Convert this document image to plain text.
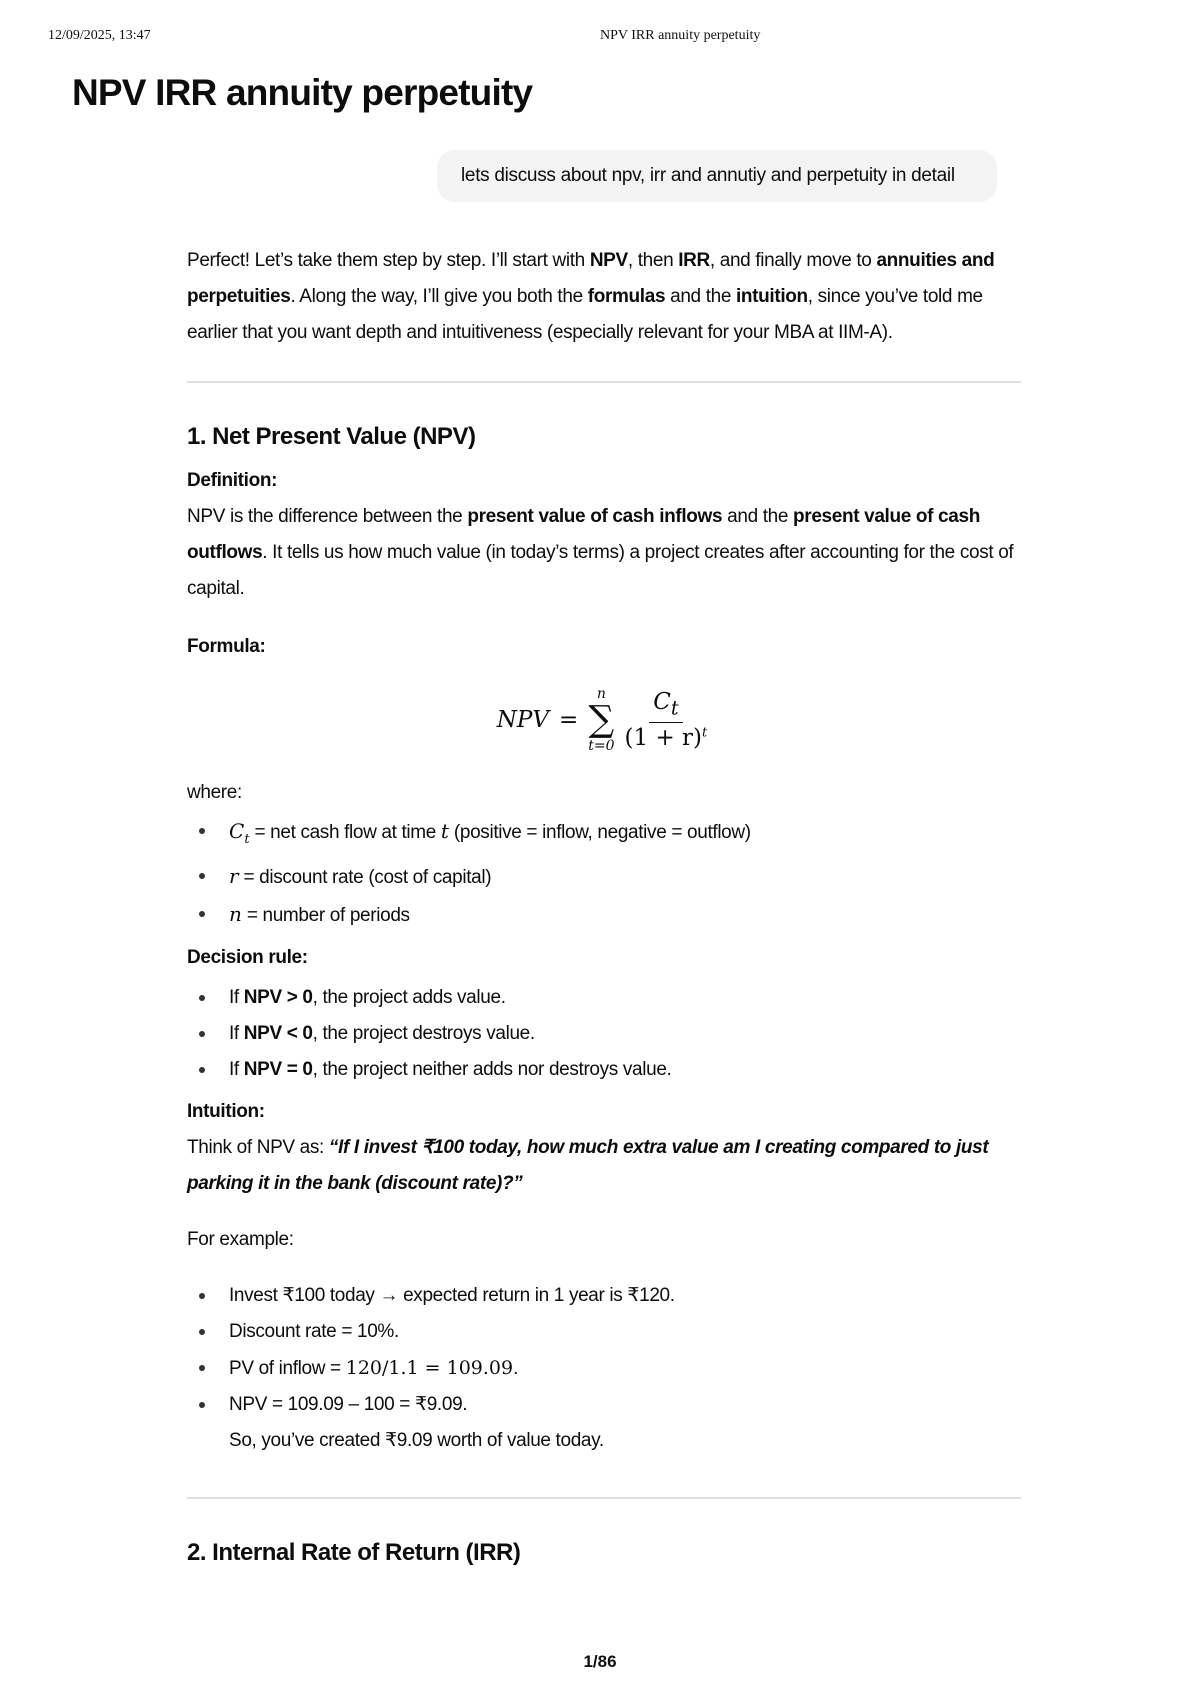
12/09/2025, 13:47	NPV IRR annuity perpetuity
NPV IRR annuity perpetuity
lets discuss about npv, irr and annutiy and perpetuity in detail

Perfect! Let’s take them step by step. I’ll start with NPV, then IRR, and finally move to annuities and perpetuities. Along the way, I’ll give you both the formulas and the intuition, since you’ve told me earlier that you want depth and intuitiveness (especially relevant for your MBA at IIM-A).

1. Net Present Value (NPV)

Definition:

NPV is the difference between the present value of cash inflows and the present value of cash outflows. It tells us how much value (in today’s terms) a project creates after accounting for the cost of capital.

Formula:

NPV =
n
∑
$t=0 \frac{C_t}{(1 + r)^t}$

where:

$C_t$ = net cash flow at time t (positive = inflow, negative = outflow)
r = discount rate (cost of capital)
n = number of periods

Decision rule:

If NPV > 0, the project adds value.
If NPV < 0, the project destroys value.
If NPV = 0, the project neither adds nor destroys value.

Intuition:

Think of NPV as: “If I invest ₹100 today, how much extra value am I creating compared to just parking it in the bank (discount rate)?”

For example:

Invest ₹100 today → expected return in 1 year is ₹120.
Discount rate = 10%.
PV of inflow = 120/1.1 = 109.09.
NPV = 109.09 – 100 = ₹9.09.
So, you’ve created ₹9.09 worth of value today.
2. Internal Rate of Return (IRR)
1/86
